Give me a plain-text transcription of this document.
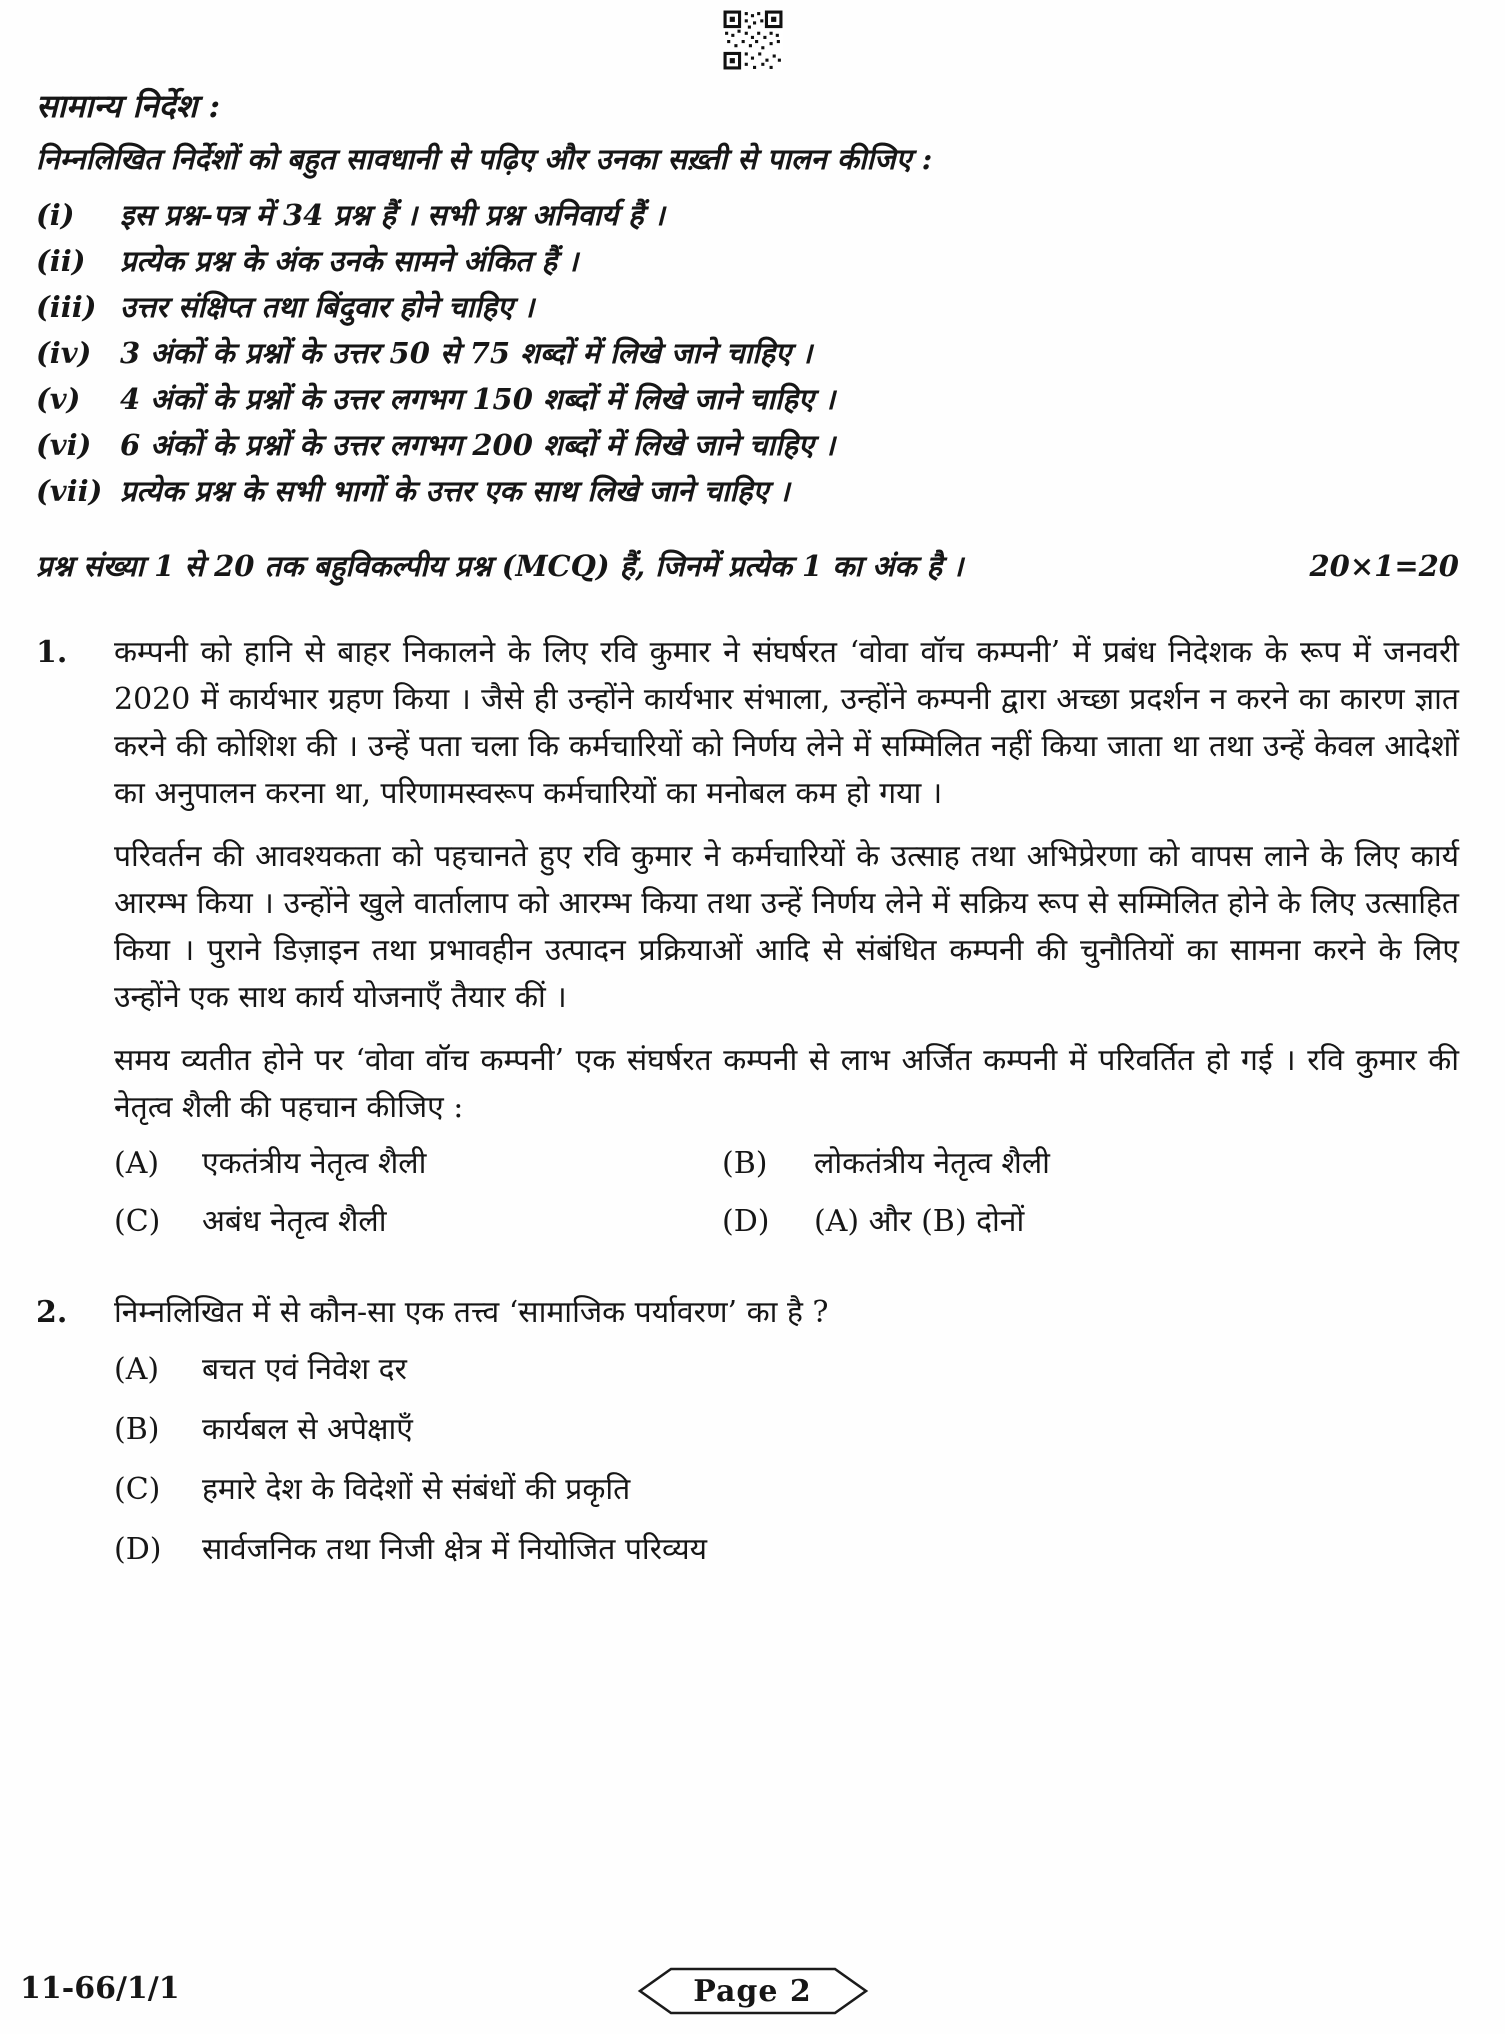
सामान्य निर्देश :
निम्नलिखित निर्देशों को बहुत सावधानी से पढ़िए और उनका सख़्ती से पालन कीजिए :
(i)	इस प्रश्न-पत्र में 34 प्रश्न हैं । सभी प्रश्न अनिवार्य हैं ।
(ii)	प्रत्येक प्रश्न के अंक उनके सामने अंकित हैं ।
(iii) उत्तर संक्षिप्त तथा बिंदुवार होने चाहिए ।
(iv) 3 अंकों के प्रश्नों के उत्तर 50 से 75 शब्दों में लिखे जाने चाहिए ।
(v)	4 अंकों के प्रश्नों के उत्तर लगभग 150 शब्दों में लिखे जाने चाहिए ।
(vi) 6 अंकों के प्रश्नों के उत्तर लगभग 200 शब्दों में लिखे जाने चाहिए ।
(vii) प्रत्येक प्रश्न के सभी भागों के उत्तर एक साथ लिखे जाने चाहिए ।
प्रश्न संख्या 1 से 20 तक बहुविकल्पीय प्रश्न (MCQ) हैं, जिनमें प्रत्येक 1 का अंक है ।	20×1=20
1.	कम्पनी को हानि से बाहर निकालने के लिए रवि कुमार ने संघर्षरत ‘वोवा वॉच कम्पनी’ में प्रबंध निदेशक के रूप में जनवरी 2020 में कार्यभार ग्रहण किया । जैसे ही उन्होंने कार्यभार संभाला, उन्होंने कम्पनी द्वारा अच्छा प्रदर्शन न करने का कारण ज्ञात करने की कोशिश की । उन्हें पता चला कि कर्मचारियों को निर्णय लेने में सम्मिलित नहीं किया जाता था तथा उन्हें केवल आदेशों का अनुपालन करना था, परिणामस्वरूप कर्मचारियों का मनोबल कम हो गया ।

परिवर्तन की आवश्यकता को पहचानते हुए रवि कुमार ने कर्मचारियों के उत्साह तथा अभिप्रेरणा को वापस लाने के लिए कार्य आरम्भ किया । उन्होंने खुले वार्तालाप को आरम्भ किया तथा उन्हें निर्णय लेने में सक्रिय रूप से सम्मिलित होने के लिए उत्साहित किया । पुराने डिज़ाइन तथा प्रभावहीन उत्पादन प्रक्रियाओं आदि से संबंधित कम्पनी की चुनौतियों का सामना करने के लिए उन्होंने एक साथ कार्य योजनाएँ तैयार कीं ।

समय व्यतीत होने पर ‘वोवा वॉच कम्पनी’ एक संघर्षरत कम्पनी से लाभ अर्जित कम्पनी में परिवर्तित हो गई । रवि कुमार की नेतृत्व शैली की पहचान कीजिए :

(A)	एकतंत्रीय नेतृत्व शैली	(B)	लोकतंत्रीय नेतृत्व शैली
(C)	अबंध नेतृत्व शैली	(D)	(A) और (B) दोनों
2.	निम्नलिखित में से कौन-सा एक तत्त्व ‘सामाजिक पर्यावरण’ का है ?

(A)	बचत एवं निवेश दर
(B)	कार्यबल से अपेक्षाएँ
(C)	हमारे देश के विदेशों से संबंधों की प्रकृति
(D)	सार्वजनिक तथा निजी क्षेत्र में नियोजित परिव्यय
11-66/1/1	Page 2
